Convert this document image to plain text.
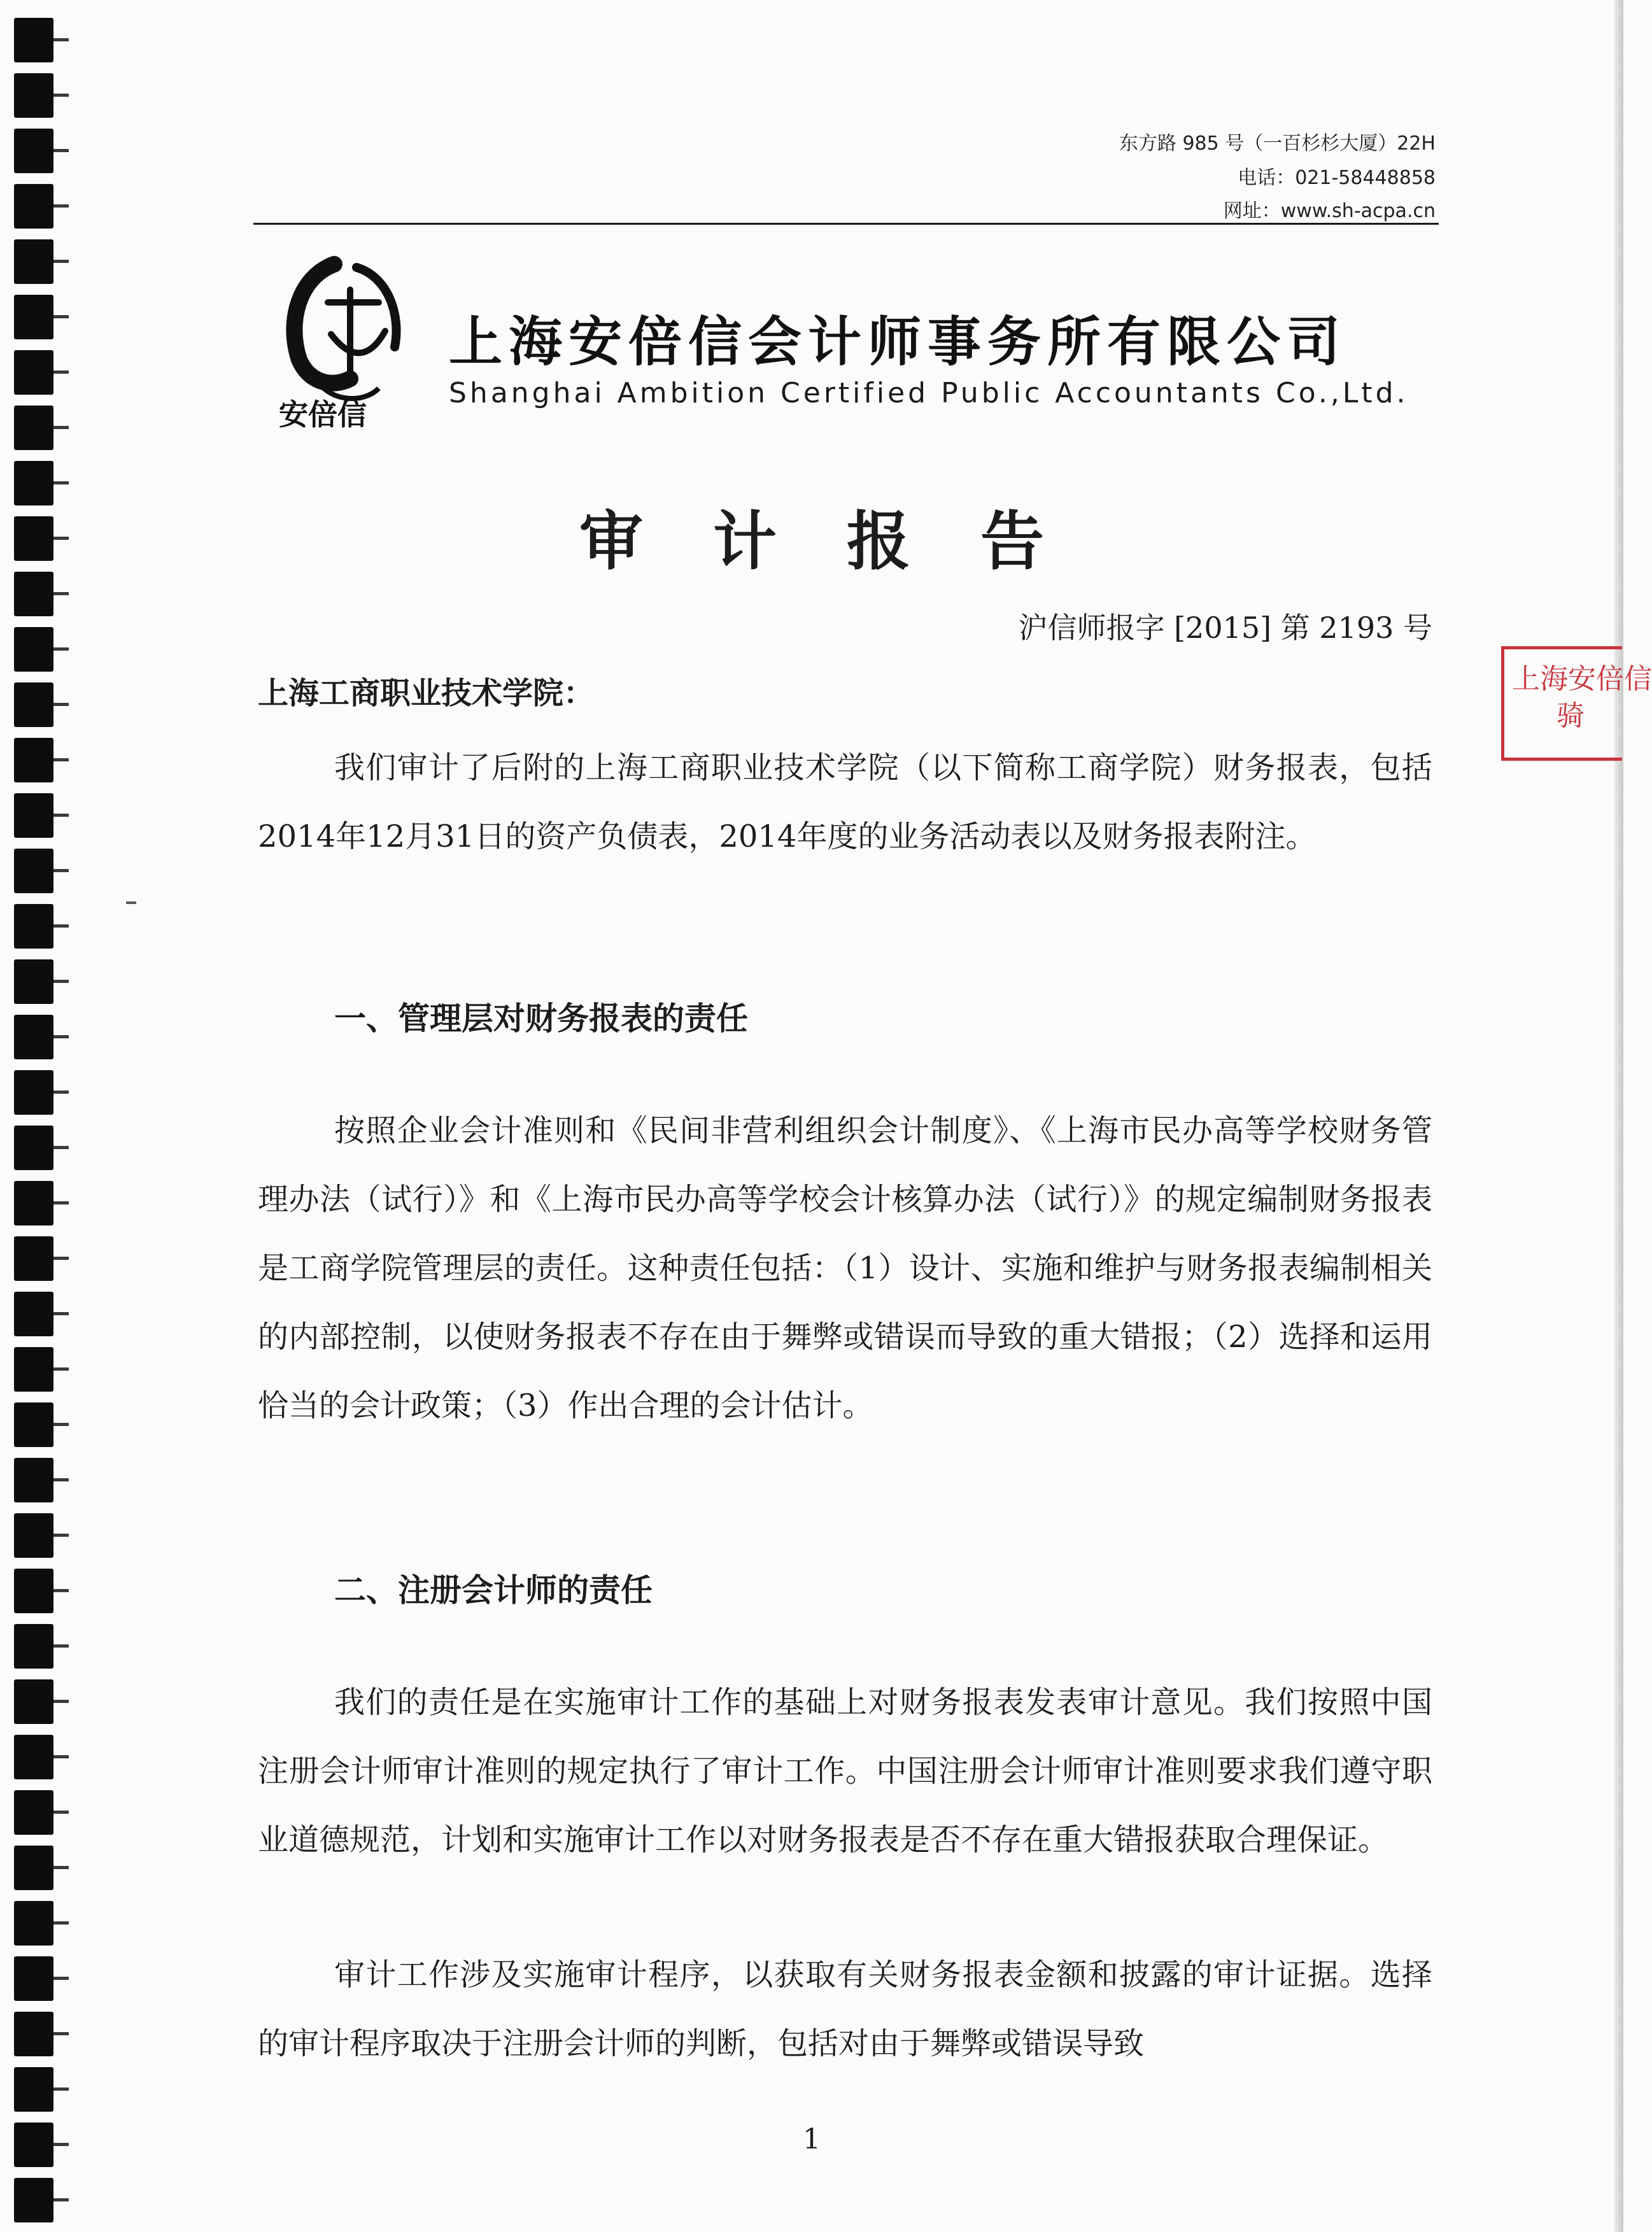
东方路 985 号（一百杉杉大厦）22H
电话：021-58448858
网址：www.sh-acpa.cn
安倍信
上海安倍信会计师事务所有限公司
Shanghai Ambition Certified Public Accountants Co.,Ltd.
审计报告
沪信师报字 [2015] 第 2193 号
上海安倍信
骑
上海工商职业技术学院：
我们审计了后附的上海工商职业技术学院（以下简称工商学院）财务报表，包括2014年12月31日的资产负债表，2014年度的业务活动表以及财务报表附注。
一、管理层对财务报表的责任
按照企业会计准则和《民间非营利组织会计制度》、《上海市民办高等学校财务管理办法（试行）》和《上海市民办高等学校会计核算办法（试行）》的规定编制财务报表是工商学院管理层的责任。这种责任包括：（1）设计、实施和维护与财务报表编制相关的内部控制，以使财务报表不存在由于舞弊或错误而导致的重大错报；（2）选择和运用恰当的会计政策；（3）作出合理的会计估计。
二、注册会计师的责任
我们的责任是在实施审计工作的基础上对财务报表发表审计意见。我们按照中国注册会计师审计准则的规定执行了审计工作。中国注册会计师审计准则要求我们遵守职业道德规范，计划和实施审计工作以对财务报表是否不存在重大错报获取合理保证。
审计工作涉及实施审计程序，以获取有关财务报表金额和披露的审计证据。选择的审计程序取决于注册会计师的判断，包括对由于舞弊或错误导致
1
